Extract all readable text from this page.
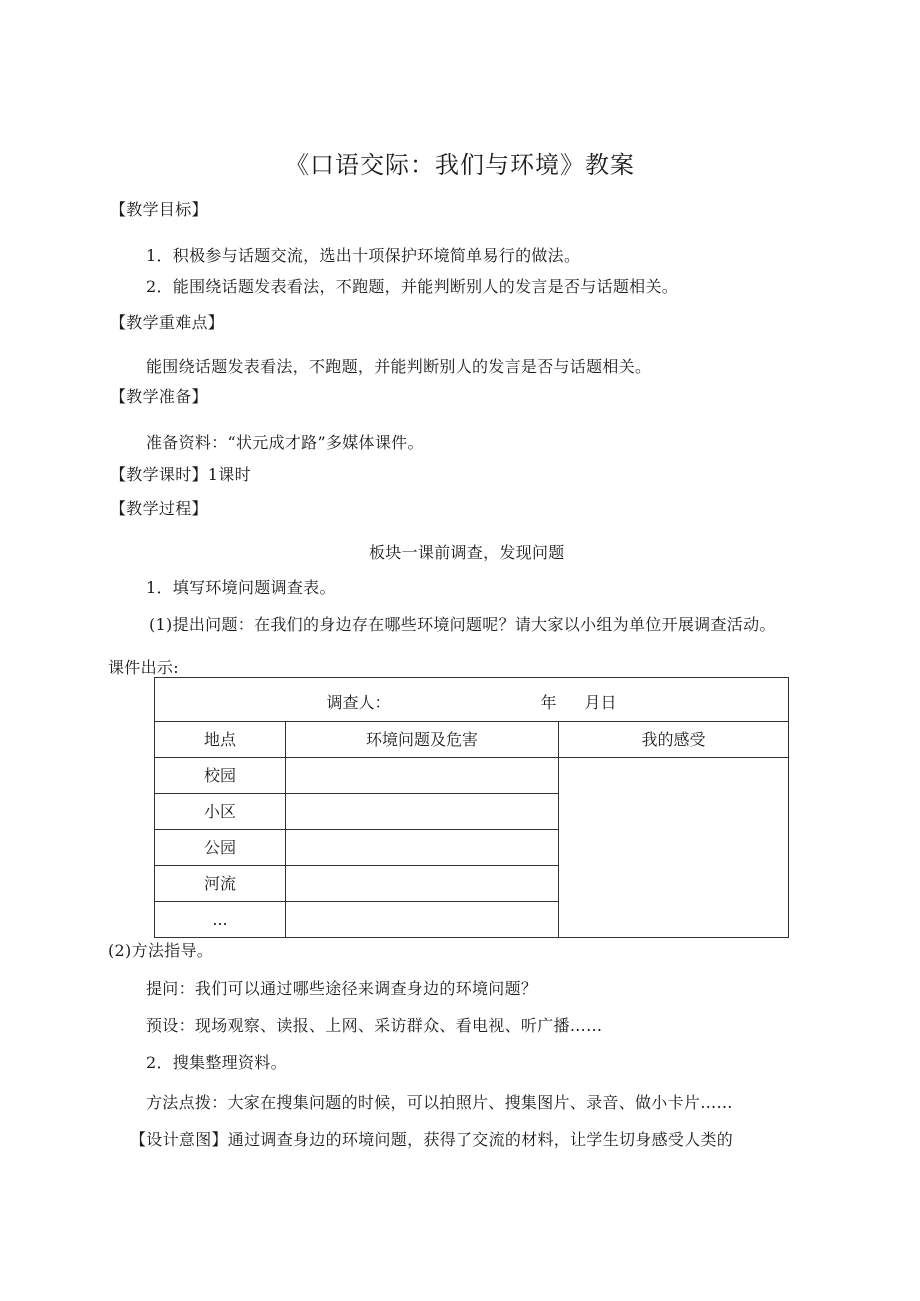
《口语交际：我们与环境》教案
【教学目标】
1．积极参与话题交流，选出十项保护环境简单易行的做法。
2．能围绕话题发表看法，不跑题，并能判断别人的发言是否与话题相关。
【教学重难点】
能围绕话题发表看法，不跑题，并能判断别人的发言是否与话题相关。
【教学准备】
准备资料：“状元成才路”多媒体课件。
【教学课时】1课时
【教学过程】
板块一课前调查，发现问题
1．填写环境问题调查表。
(1)提出问题：在我们的身边存在哪些环境问题呢？请大家以小组为单位开展调查活动。
课件出示:
调查人： 年 月日		
地点	环境问题及危害	我的感受
校园		
小区		
公园		
河流		
...		
(2)方法指导。
提问：我们可以通过哪些途径来调查身边的环境问题？
预设：现场观察、读报、上网、采访群众、看电视、听广播……
2．搜集整理资料。
方法点拨：大家在搜集问题的时候，可以拍照片、搜集图片、录音、做小卡片……
【设计意图】通过调查身边的环境问题，获得了交流的材料，让学生切身感受人类的
